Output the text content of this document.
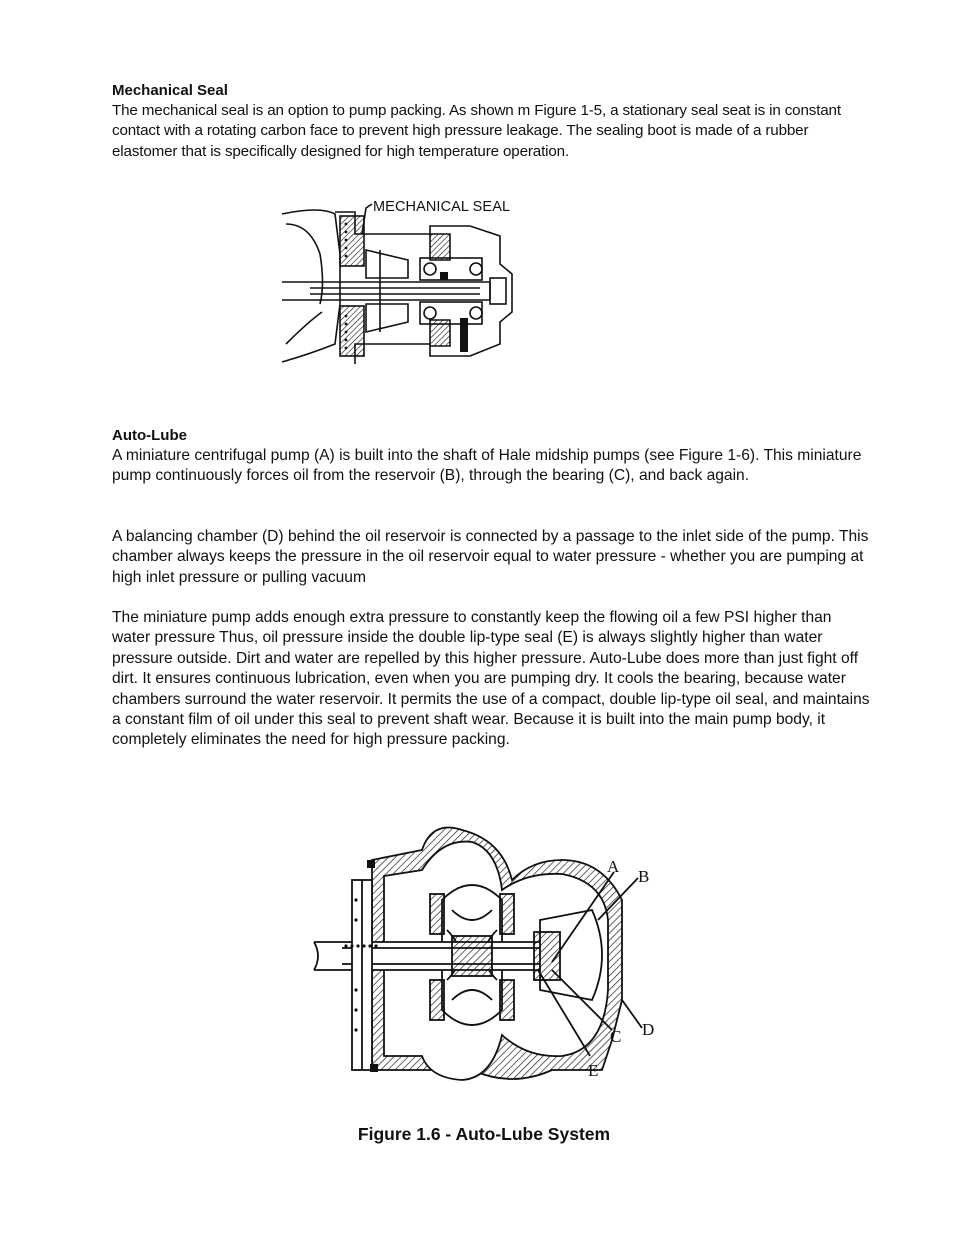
Mechanical Seal

The mechanical seal is an option to pump packing. As shown m Figure 1-5, a stationary seal seat is in constant contact with a rotating carbon face to prevent high pressure leakage. The sealing boot is made of a rubber elastomer that is specifically designed for high temperature operation.

MECHANICAL SEAL
Auto-Lube

A miniature centrifugal pump (A) is built into the shaft of Hale midship pumps (see Figure 1-6). This miniature pump continuously forces oil from the reservoir (B), through the bearing (C), and back again.

A balancing chamber (D) behind the oil reservoir is connected by a passage to the inlet side of the pump. This chamber always keeps the pressure in the oil reservoir equal to water pressure - whether you are pumping at high inlet pressure or pulling vacuum

The miniature pump adds enough extra pressure to constantly keep the flowing oil a few PSI higher than water pressure Thus, oil pressure inside the double lip-type seal (E) is always slightly higher than water pressure outside. Dirt and water are repelled by this higher pressure. Auto-Lube does more than just fight off dirt. It ensures continuous lubrication, even when you are pumping dry. It cools the bearing, because water chambers surround the water reservoir. It permits the use of a compact, double lip-type oil seal, and maintains a constant film of oil under this seal to prevent shaft wear. Because it is built into the main pump body, it completely eliminates the need for high pressure packing.

A
B
C D
E
Figure 1.6 - Auto-Lube System
